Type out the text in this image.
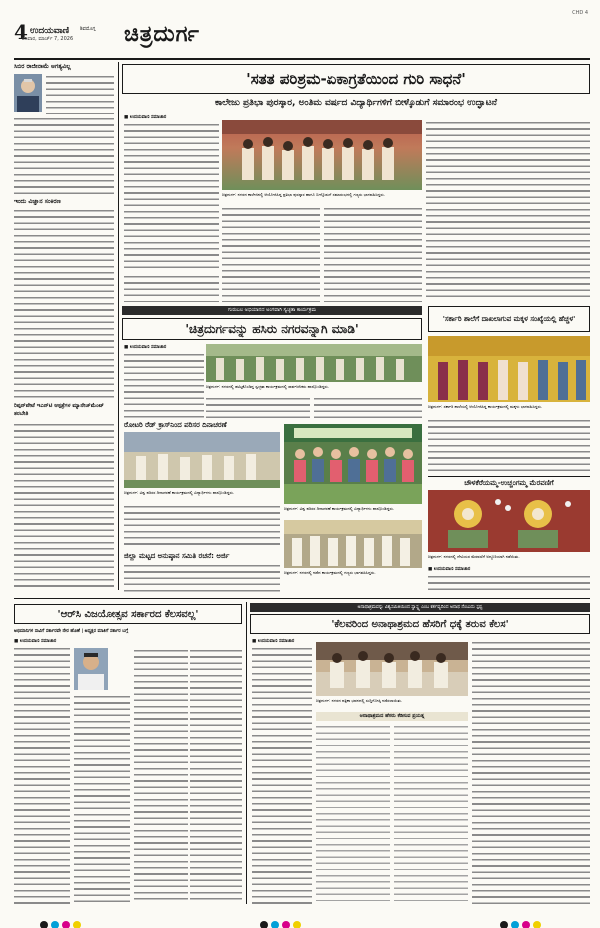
4 ಉದಯವಾಣಿ ಶಿವಮೊಗ್ಗ
ಶನಿವಾರ, ಮಾರ್ಚ್ 7, 2026 ಚಿತ್ರದುರ್ಗ
CHD 4
ಸಿಬಿರ ರಾಜೀನಾಮೆ ಅಗತ್ಯವಿಲ್ಲ
ಇಂದು ವಿಜ್ಞಾನ ಸಂಕಿರಣ
ರಿಪ್ಪನ್‌ಪೇಟೆ ಇಎನ್‌ಟಿ ಆಸ್ಪತ್ರೆಗಳ ಮ್ಯಾನೇಜ್‌ಮೆಂಟ್ ತರಬೇತಿ
'ಸತತ ಪರಿಶ್ರಮ-ಏಕಾಗ್ರತೆಯಿಂದ ಗುರಿ ಸಾಧನೆ'
ಕಾಲೇಜು ಪ್ರತಿಭಾ ಪುರಸ್ಕಾರ, ಅಂತಿಮ ವರ್ಷದ ವಿದ್ಯಾರ್ಥಿಗಳಿಗೆ ಬೀಳ್ಕೊಡುಗೆ ಸಮಾರಂಭ ಉದ್ಘಾಟನೆ
■ ಉದಯವಾಣಿ ಸಮಾಚಾರ
ಚಿತ್ರದುರ್ಗ: ನಗರದ ಕಾಲೇಜಿನಲ್ಲಿ ಆಯೋಜಿಸಿದ್ದ ಪ್ರತಿಭಾ ಪುರಸ್ಕಾರ ಹಾಗೂ ಬೀಳ್ಕೊಡುಗೆ ಸಮಾರಂಭದಲ್ಲಿ ಗಣ್ಯರು ಭಾಗವಹಿಸಿದ್ದರು.
ಗುರುಬಲ ಅಭಿಯಾನದ ಅಂಗವಾಗಿ ಸ್ವಚ್ಛತಾ ಕಾರ್ಯಕ್ರಮ
'ಚಿತ್ರದುರ್ಗವನ್ನು ಹಸಿರು ನಗರವನ್ನಾಗಿ ಮಾಡಿ'
■ ಉದಯವಾಣಿ ಸಮಾಚಾರ
ಚಿತ್ರದುರ್ಗ: ನಗರದಲ್ಲಿ ಹಮ್ಮಿಕೊಂಡಿದ್ದ ಸ್ವಚ್ಛತಾ ಕಾರ್ಯಕ್ರಮದಲ್ಲಿ ಸಾರ್ವಜನಿಕರು ಪಾಲ್ಗೊಂಡಿದ್ದರು.
ರೋಟರಿ ರೆಡ್ ಕ್ರಾಸ್‌ನಿಂದ ಪರಿಸರ ದಿನಾಚರಣೆ
ಚಿತ್ರದುರ್ಗ: ವಿಶ್ವ ಪರಿಸರ ದಿನಾಚರಣೆ ಕಾರ್ಯಕ್ರಮದಲ್ಲಿ ವಿದ್ಯಾರ್ಥಿಗಳು ಪಾಲ್ಗೊಂಡಿದ್ದರು.
ಚಿತ್ರದುರ್ಗ: ವಿಶ್ವ ಪರಿಸರ ದಿನಾಚರಣೆ ಕಾರ್ಯಕ್ರಮದಲ್ಲಿ ವಿದ್ಯಾರ್ಥಿಗಳು ಪಾಲ್ಗೊಂಡಿದ್ದರು.
ಜಿಲ್ಲಾ ಮಟ್ಟದ ಅನುಷ್ಠಾನ ಸಮಿತಿ ರಚನೆ: ಅರ್ಜಿ
ಚಿತ್ರದುರ್ಗ: ನಗರದಲ್ಲಿ ನಡೆದ ಕಾರ್ಯಕ್ರಮದಲ್ಲಿ ಗಣ್ಯರು ಭಾಗವಹಿಸಿದ್ದರು.
'ಸರ್ಕಾರಿ ಶಾಲೆಗೆ ದಾಖಲಾಗುವ ಮಕ್ಕಳ ಸಂಖ್ಯೆಯಲ್ಲಿ ಹೆಚ್ಚಳ'
ಚಿತ್ರದುರ್ಗ: ಸರ್ಕಾರಿ ಶಾಲೆಯಲ್ಲಿ ಆಯೋಜಿಸಿದ್ದ ಕಾರ್ಯಕ್ರಮದಲ್ಲಿ ಮಕ್ಕಳು ಭಾಗವಹಿಸಿದ್ದರು.
ಚೌಳಕೆರೆಯಮ್ಮ-ಉಚ್ಚಂಗಮ್ಮ ಮೆರವಣಿಗೆ
ಚಿತ್ರದುರ್ಗ: ನಗರದಲ್ಲಿ ದೇವಿಯರ ಮೆರವಣಿಗೆ ಅದ್ದೂರಿಯಾಗಿ ನಡೆಯಿತು.
■ ಉದಯವಾಣಿ ಸಮಾಚಾರ
'ಆರ್‌ಸಿ ವಿಜಯೋತ್ಸವ ಸರ್ಕಾರದ ಕೆಲಸವಲ್ಲ'
ಅಭಿಮಾನಿಗಳ ಸಾವಿಗೆ ಸರ್ಕಾರವೇ ನೇರ ಹೊಣೆ | ಅಧ್ಯಕ್ಷರ ಮಾತಿಗೆ ಸರ್ಕಾರ ಬಗ್ಗೆ
■ ಉದಯವಾಣಿ ಸಮಾಚಾರ
ಅನಾಥಾಶ್ರಮವನ್ನು ವಿಶ್ವಸಮಿತಿಯಿಂದ ಸ್ವಾಸ್ಥ್ಯ ಎಂಬ ಕರ್ತವ್ಯದಿಂದ ಅನಾಥ ನೆಂಬುದು ಸ್ಪಷ್ಟ
'ಕೆಲವರಿಂದ ಅನಾಥಾಶ್ರಮದ ಹೆಸರಿಗೆ ಧಕ್ಕೆ ತರುವ ಕೆಲಸ'
■ ಉದಯವಾಣಿ ಸಮಾಚಾರ
ಚಿತ್ರದುರ್ಗ: ನಗರದ ಪತ್ರಿಕಾ ಭವನದಲ್ಲಿ ಸುದ್ದಿಗೋಷ್ಠಿ ನಡೆಸಲಾಯಿತು.
ಅನಾಥಾಶ್ರಮದ ಹೆಸರು ಕೆಡಿಸುವ ಪ್ರಯತ್ನ
